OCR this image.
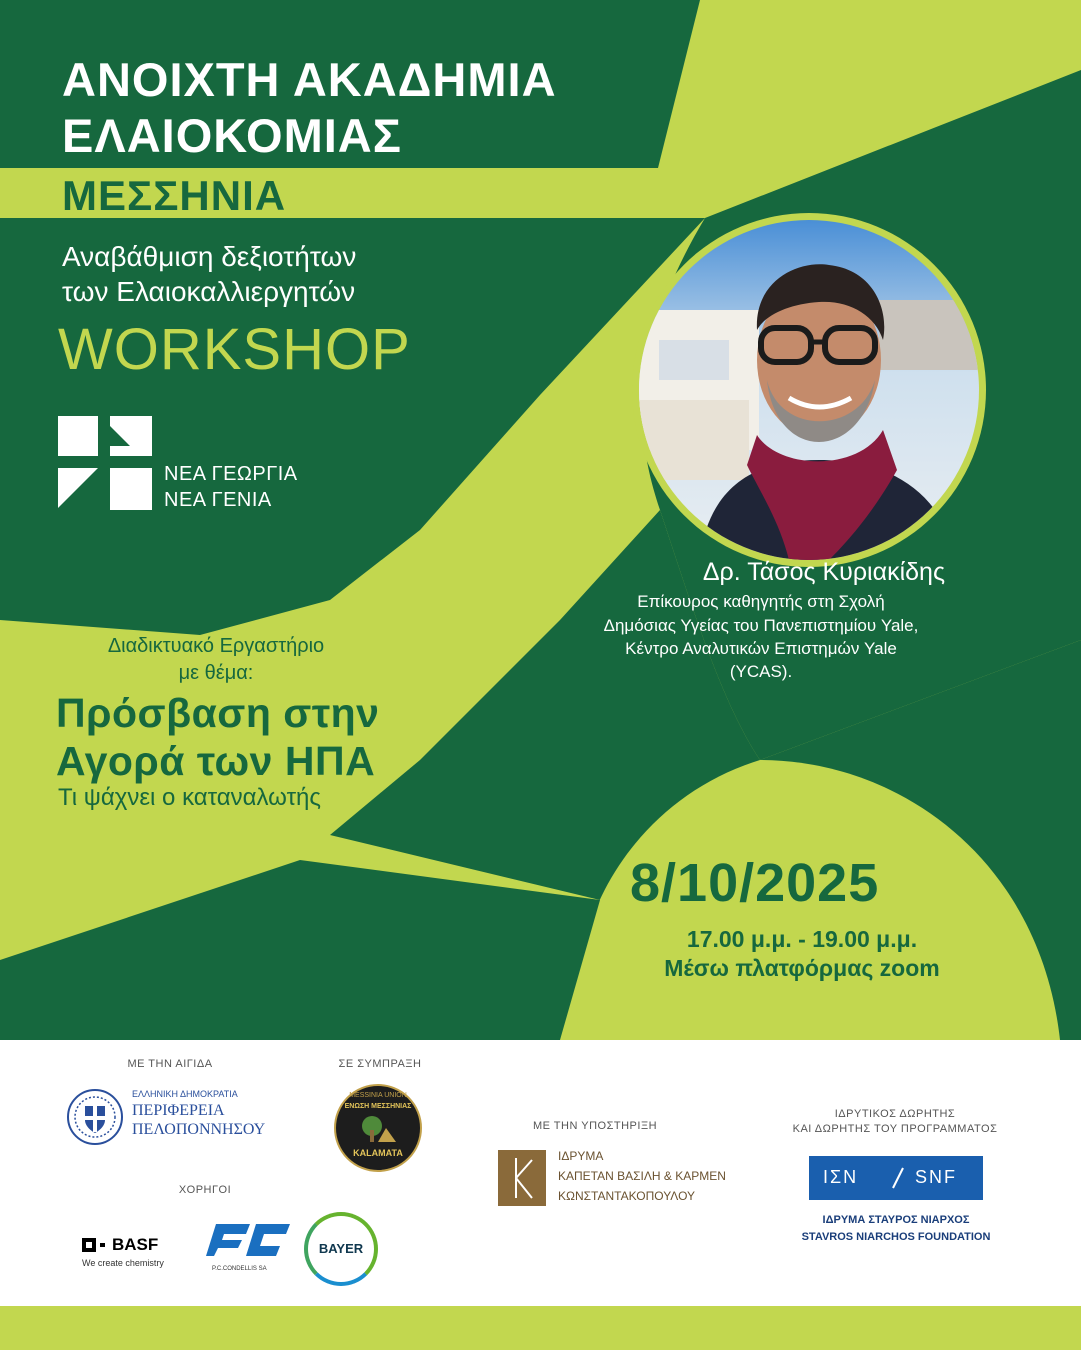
ΑΝΟΙΧΤΗ ΑΚΑΔΗΜΙΑ

ΕΛΑΙΟΚΟΜΙΑΣ

ΜΕΣΣΗΝΙΑ

Αναβάθμιση δεξιοτήτων

των Ελαιοκαλλιεργητών

WORKSHOP

ΝΕΑ ΓΕΩΡΓΙΑ

ΝΕΑ ΓΕΝΙΑ

Δρ. Τάσος Κυριακίδης

Επίκουρος καθηγητής στη Σχολή

Δημόσιας Υγείας του Πανεπιστημίου Yale,

Κέντρο Αναλυτικών Επιστημών Yale

(YCAS).

Διαδικτυακό Εργαστήριο

με θέμα:

Πρόσβαση στην

Αγορά των ΗΠΑ

Τι ψάχνει ο καταναλωτής

8/10/2025

17.00 μ.μ. - 19.00 μ.μ.

Μέσω πλατφόρμας zoom

ΜΕ ΤΗΝ ΑΙΓΙΔΑ

ΕΛΛΗΝΙΚΗ ΔΗΜΟΚΡΑΤΙΑ

ΠΕΡΙΦΕΡΕΙΑ

ΠΕΛΟΠΟΝΝΗΣΟΥ

ΣΕ ΣΥΜΠΡΑΞΗ

MESSINIA UNION

ΕΝΩΣΗ ΜΕΣΣΗΝΙΑΣ

KALAMATA

ΜΕ ΤΗΝ ΥΠΟΣΤΗΡΙΞΗ

ΙΔΡΥΜΑ

ΚΑΠΕΤΑΝ ΒΑΣΙΛΗ & ΚΑΡΜΕΝ

ΚΩΝΣΤΑΝΤΑΚΟΠΟΥΛΟΥ

ΙΔΡΥΤΙΚΟΣ ΔΩΡΗΤΗΣ

ΚΑΙ ΔΩΡΗΤΗΣ ΤΟΥ ΠΡΟΓΡΑΜΜΑΤΟΣ

ΙΣΝ	SNF

ΙΔΡΥΜΑ ΣΤΑΥΡΟΣ ΝΙΑΡΧΟΣ

STAVROS NIARCHOS FOUNDATION

ΧΟΡΗΓΟΙ

BASF

We create chemistry

P.C.CONDELLIS SA

BAYER
